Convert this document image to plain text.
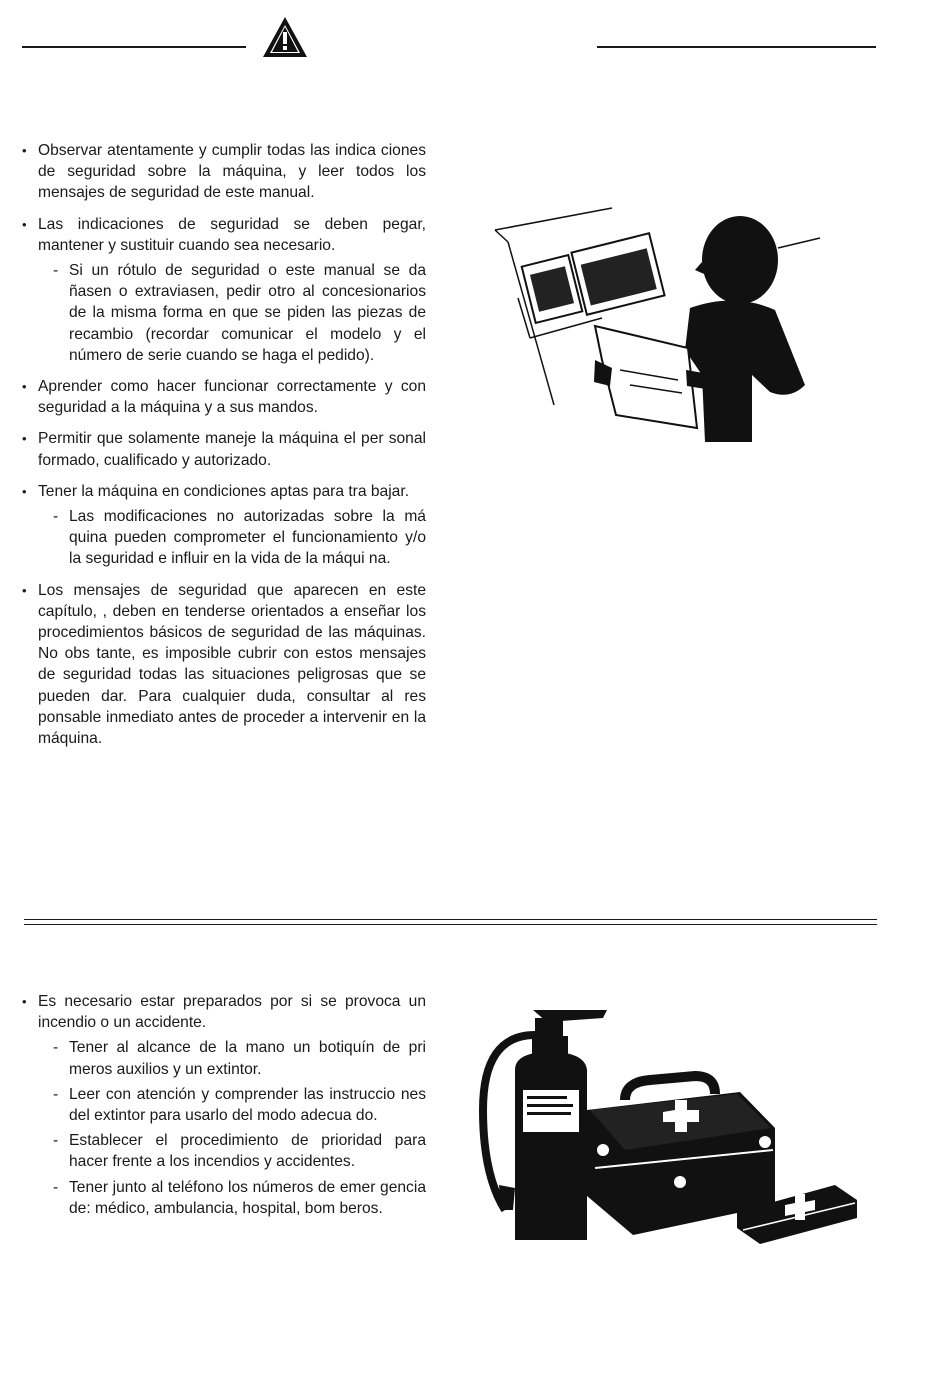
• Observar atentamente y cumplir todas las indica ciones de seguridad sobre la máquina, y leer todos los mensajes de seguridad de este manual.

• Las indicaciones de seguridad se deben pegar, mantener y sustituir cuando sea necesario.

- Si un rótulo de seguridad o este manual se da ñasen o extraviasen, pedir otro al concesionarios de la misma forma en que se piden las piezas de recambio (recordar comunicar el modelo y el número de serie cuando se haga el pedido).

• Aprender como hacer funcionar correctamente y con seguridad a la máquina y a sus mandos.

• Permitir que solamente maneje la máquina el per sonal formado, cualificado y autorizado.

• Tener la máquina en condiciones aptas para tra bajar.

- Las modificaciones no autorizadas sobre la má quina pueden comprometer el funcionamiento y/o la seguridad e influir en la vida de la máqui na.

• Los mensajes de seguridad que aparecen en este capítulo, , deben en tenderse orientados a enseñar los procedimientos básicos de seguridad de las máquinas. No obs tante, es imposible cubrir con estos mensajes de seguridad todas las situaciones peligrosas que se pueden dar. Para cualquier duda, consultar al res ponsable inmediato antes de proceder a intervenir en la máquina.

• Es necesario estar preparados por si se provoca un incendio o un accidente.

- Tener al alcance de la mano un botiquín de pri meros auxilios y un extintor.

- Leer con atención y comprender las instruccio nes del extintor para usarlo del modo adecua do.

- Establecer el procedimiento de prioridad para hacer frente a los incendios y accidentes.

- Tener junto al teléfono los números de emer gencia de: médico, ambulancia, hospital, bom beros.
